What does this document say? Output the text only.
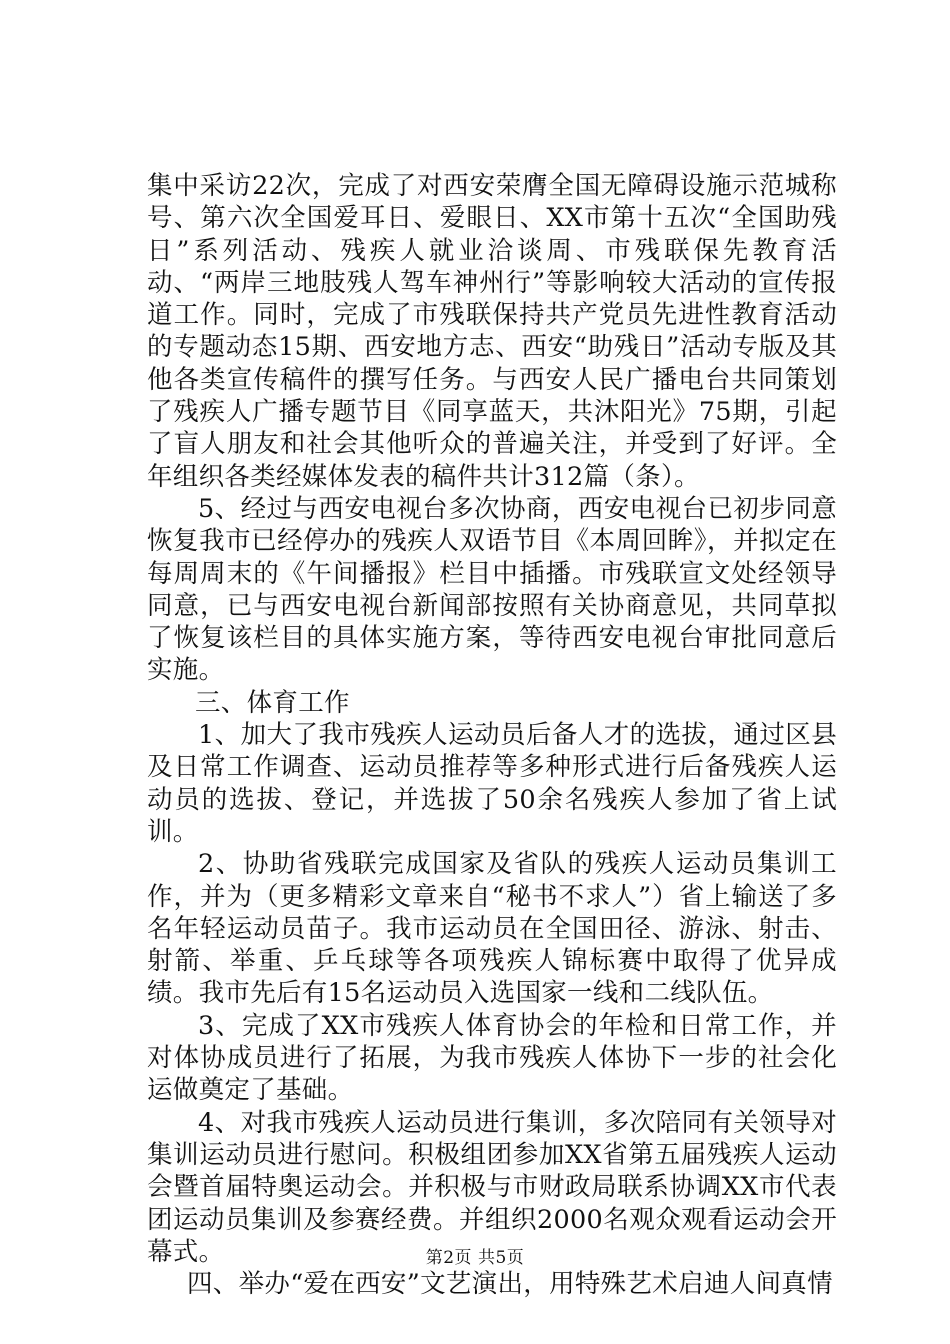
集中采访22次，完成了对西安荣膺全国无障碍设施示范城称号、第六次全国爱耳日、爱眼日、XX市第十五次“全国助残日”系列活动、残疾人就业洽谈周、市残联保先教育活动、“两岸三地肢残人驾车神州行”等影响较大活动的宣传报道工作。同时，完成了市残联保持共产党员先进性教育活动的专题动态15期、西安地方志、西安“助残日”活动专版及其他各类宣传稿件的撰写任务。与西安人民广播电台共同策划了残疾人广播专题节目《同享蓝天，共沐阳光》75期，引起了盲人朋友和社会其他听众的普遍关注，并受到了好评。全年组织各类经媒体发表的稿件共计312篇（条）。

5、经过与西安电视台多次协商，西安电视台已初步同意恢复我市已经停办的残疾人双语节目《本周回眸》，并拟定在每周周末的《午间播报》栏目中插播。市残联宣文处经领导同意，已与西安电视台新闻部按照有关协商意见，共同草拟了恢复该栏目的具体实施方案，等待西安电视台审批同意后实施。

三、体育工作

1、加大了我市残疾人运动员后备人才的选拔，通过区县及日常工作调查、运动员推荐等多种形式进行后备残疾人运动员的选拔、登记，并选拔了50余名残疾人参加了省上试训。

2、协助省残联完成国家及省队的残疾人运动员集训工作，并为（更多精彩文章来自“秘书不求人”）省上输送了多名年轻运动员苗子。我市运动员在全国田径、游泳、射击、射箭、举重、乒乓球等各项残疾人锦标赛中取得了优异成绩。我市先后有15名运动员入选国家一线和二线队伍。

3、完成了XX市残疾人体育协会的年检和日常工作，并对体协成员进行了拓展，为我市残疾人体协下一步的社会化运做奠定了基础。

4、对我市残疾人运动员进行集训，多次陪同有关领导对集训运动员进行慰问。积极组团参加XX省第五届残疾人运动会暨首届特奥运动会。并积极与市财政局联系协调XX市代表团运动员集训及参赛经费。并组织2000名观众观看运动会开幕式。

四、举办“爱在西安”文艺演出，用特殊艺术启迪人间真情

第2页 共5页
